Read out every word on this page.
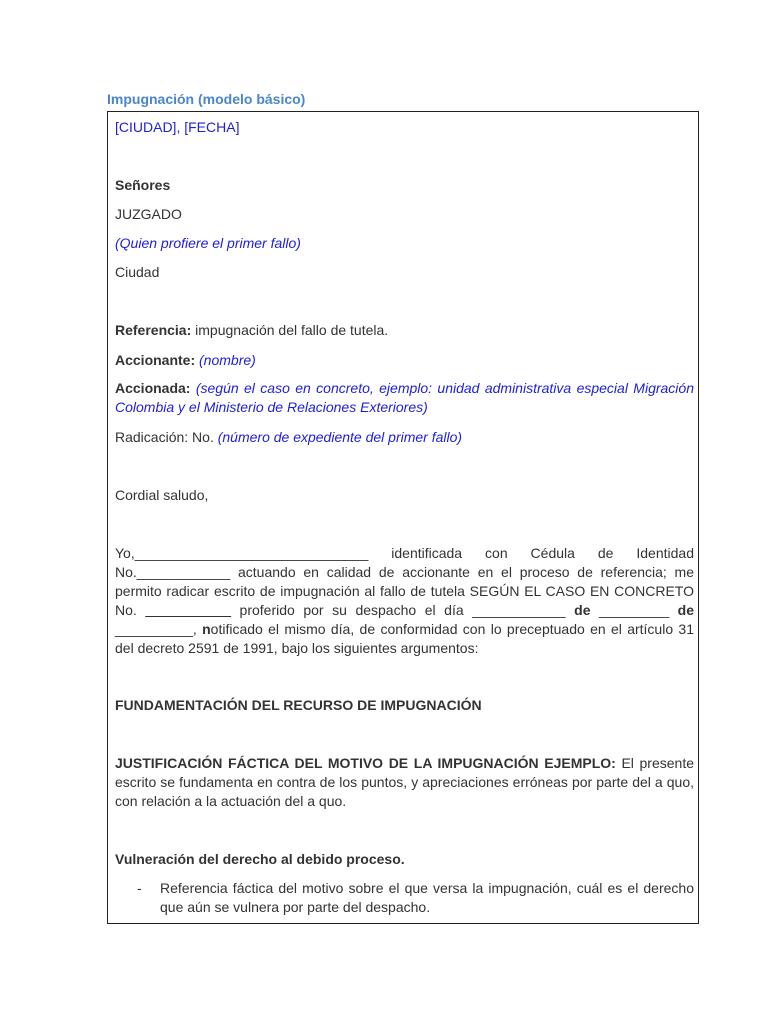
Impugnación (modelo básico)
[CIUDAD], [FECHA]
Señores
JUZGADO
(Quien profiere el primer fallo)
Ciudad
Referencia: impugnación del fallo de tutela.
Accionante: (nombre)
Accionada: (según el caso en concreto, ejemplo: unidad administrativa especial Migración Colombia y el Ministerio de Relaciones Exteriores)
Radicación: No. (número de expediente del primer fallo)
Cordial saludo,
Yo,______________________________ identificada con Cédula de Identidad
No.____________ actuando en calidad de accionante en el proceso de referencia; me permito radicar escrito de impugnación al fallo de tutela SEGÚN EL CASO EN CONCRETO No. ___________ proferido por su despacho el día ____________ de _________ de __________, notificado el mismo día, de conformidad con lo preceptuado en el artículo 31 del decreto 2591 de 1991, bajo los siguientes argumentos:
FUNDAMENTACIÓN DEL RECURSO DE IMPUGNACIÓN
JUSTIFICACIÓN FÁCTICA DEL MOTIVO DE LA IMPUGNACIÓN EJEMPLO: El presente escrito se fundamenta en contra de los puntos, y apreciaciones erróneas por parte del a quo, con relación a la actuación del a quo.
Vulneración del derecho al debido proceso.
- Referencia fáctica del motivo sobre el que versa la impugnación, cuál es el derecho que aún se vulnera por parte del despacho.
